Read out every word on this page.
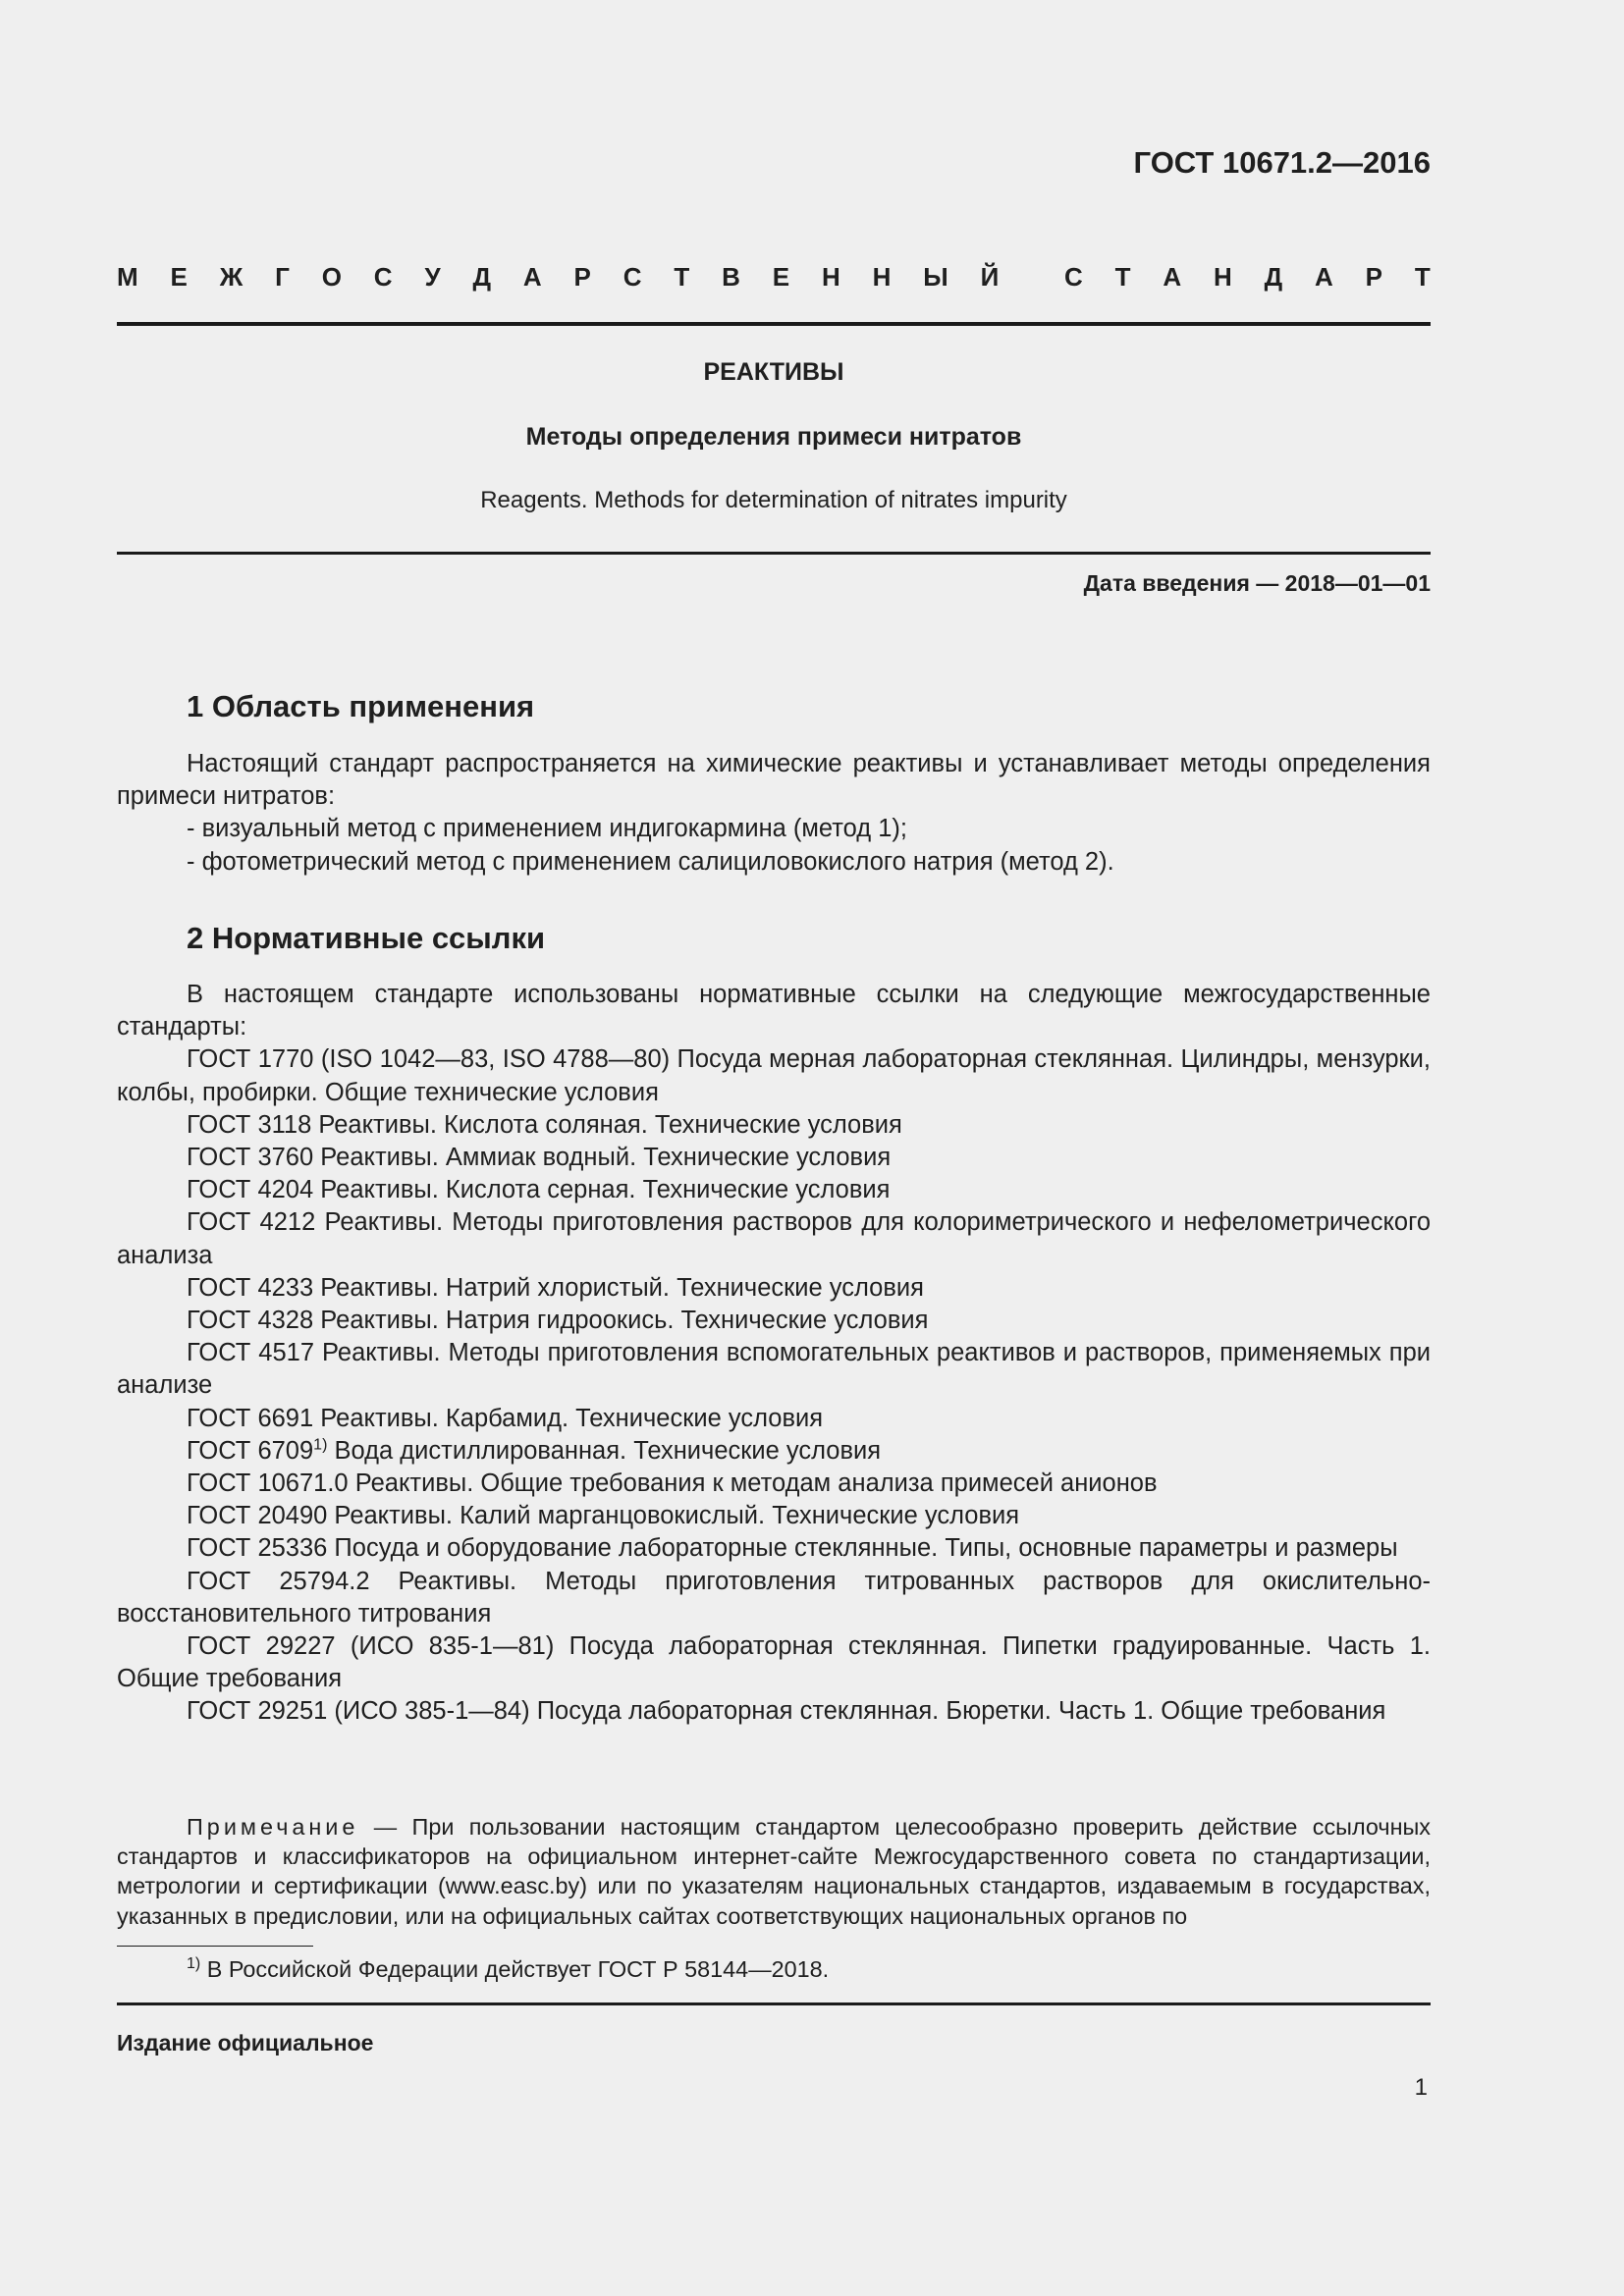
ГОСТ 10671.2—2016
М Е Ж Г О С У Д А Р С Т В Е Н Н Ы Й	С Т А Н Д А Р Т
РЕАКТИВЫ
Методы определения примеси нитратов
Reagents. Methods for determination of nitrates impurity
Дата введения — 2018—01—01
1 Область применения

Настоящий стандарт распространяется на химические реактивы и устанавливает методы определения примеси нитратов:

- визуальный метод с применением индигокармина (метод 1);

- фотометрический метод с применением салициловокислого натрия (метод 2).

2 Нормативные ссылки

В настоящем стандарте использованы нормативные ссылки на следующие межгосударственные стандарты:

ГОСТ 1770 (ISO 1042—83, ISO 4788—80) Посуда мерная лабораторная стеклянная. Цилиндры, мензурки, колбы, пробирки. Общие технические условия

ГОСТ 3118 Реактивы. Кислота соляная. Технические условия

ГОСТ 3760 Реактивы. Аммиак водный. Технические условия

ГОСТ 4204 Реактивы. Кислота серная. Технические условия

ГОСТ 4212 Реактивы. Методы приготовления растворов для колориметрического и нефелометрического анализа

ГОСТ 4233 Реактивы. Натрий хлористый. Технические условия

ГОСТ 4328 Реактивы. Натрия гидроокись. Технические условия

ГОСТ 4517 Реактивы. Методы приготовления вспомогательных реактивов и растворов, применяемых при анализе

ГОСТ 6691 Реактивы. Карбамид. Технические условия

ГОСТ 6709$^{1)}$ Вода дистиллированная. Технические условия

ГОСТ 10671.0 Реактивы. Общие требования к методам анализа примесей анионов

ГОСТ 20490 Реактивы. Калий марганцовокислый. Технические условия

ГОСТ 25336 Посуда и оборудование лабораторные стеклянные. Типы, основные параметры и размеры

ГОСТ 25794.2 Реактивы. Методы приготовления титрованных растворов для окислительно-восстановительного титрования

ГОСТ 29227 (ИСО 835-1—81) Посуда лабораторная стеклянная. Пипетки градуированные. Часть 1. Общие требования

ГОСТ 29251 (ИСО 385-1—84) Посуда лабораторная стеклянная. Бюретки. Часть 1. Общие требования

Примечание — При пользовании настоящим стандартом целесообразно проверить действие ссылочных стандартов и классификаторов на официальном интернет-сайте Межгосударственного совета по стандартизации, метрологии и сертификации (www.easc.by) или по указателям национальных стандартов, издаваемым в государствах, указанных в предисловии, или на официальных сайтах соответствующих национальных органов по

$^{1)}$ В Российской Федерации действует ГОСТ Р 58144—2018.
Издание официальное
1
